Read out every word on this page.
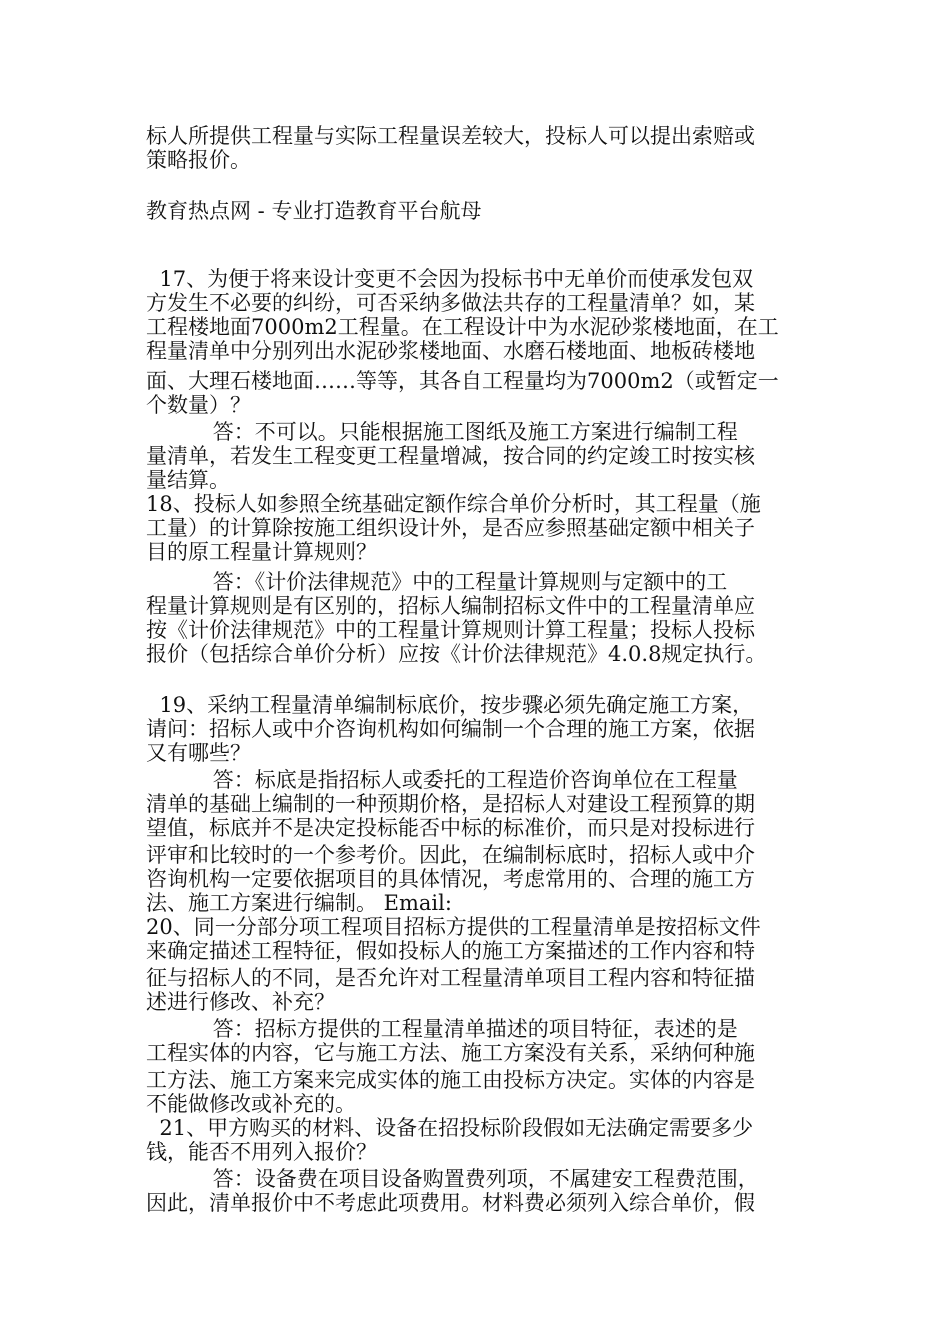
标人所提供工程量与实际工程量误差较大，投标人可以提出索赔或
策略报价。
教育热点网 - 专业打造教育平台航母
17、为便于将来设计变更不会因为投标书中无单价而使承发包双
方发生不必要的纠纷，可否采纳多做法共存的工程量清单？如，某
工程楼地面7000m2工程量。在工程设计中为水泥砂浆楼地面，在工
程量清单中分别列出水泥砂浆楼地面、水磨石楼地面、地板砖楼地
面、大理石楼地面……等等，其各自工程量均为7000m2（或暂定一
个数量）？
答：不可以。只能根据施工图纸及施工方案进行编制工程
量清单，若发生工程变更工程量增减，按合同的约定竣工时按实核
量结算。
18、投标人如参照全统基础定额作综合单价分析时，其工程量（施
工量）的计算除按施工组织设计外，是否应参照基础定额中相关子
目的原工程量计算规则？
答：《计价法律规范》中的工程量计算规则与定额中的工
程量计算规则是有区别的，招标人编制招标文件中的工程量清单应
按《计价法律规范》中的工程量计算规则计算工程量；投标人投标
报价（包括综合单价分析）应按《计价法律规范》4.0.8规定执行。
19、采纳工程量清单编制标底价，按步骤必须先确定施工方案，
请问：招标人或中介咨询机构如何编制一个合理的施工方案，依据
又有哪些？
答：标底是指招标人或委托的工程造价咨询单位在工程量
清单的基础上编制的一种预期价格，是招标人对建设工程预算的期
望值，标底并不是决定投标能否中标的标准价，而只是对投标进行
评审和比较时的一个参考价。因此，在编制标底时，招标人或中介
咨询机构一定要依据项目的具体情况，考虑常用的、合理的施工方
法、施工方案进行编制。 Email:
20、同一分部分项工程项目招标方提供的工程量清单是按招标文件
来确定描述工程特征，假如投标人的施工方案描述的工作内容和特
征与招标人的不同，是否允许对工程量清单项目工程内容和特征描
述进行修改、补充？
答：招标方提供的工程量清单描述的项目特征，表述的是
工程实体的内容，它与施工方法、施工方案没有关系，采纳何种施
工方法、施工方案来完成实体的施工由投标方决定。实体的内容是
不能做修改或补充的。
21、甲方购买的材料、设备在招投标阶段假如无法确定需要多少
钱，能否不用列入报价？
答：设备费在项目设备购置费列项，不属建安工程费范围，
因此，清单报价中不考虑此项费用。材料费必须列入综合单价，假
